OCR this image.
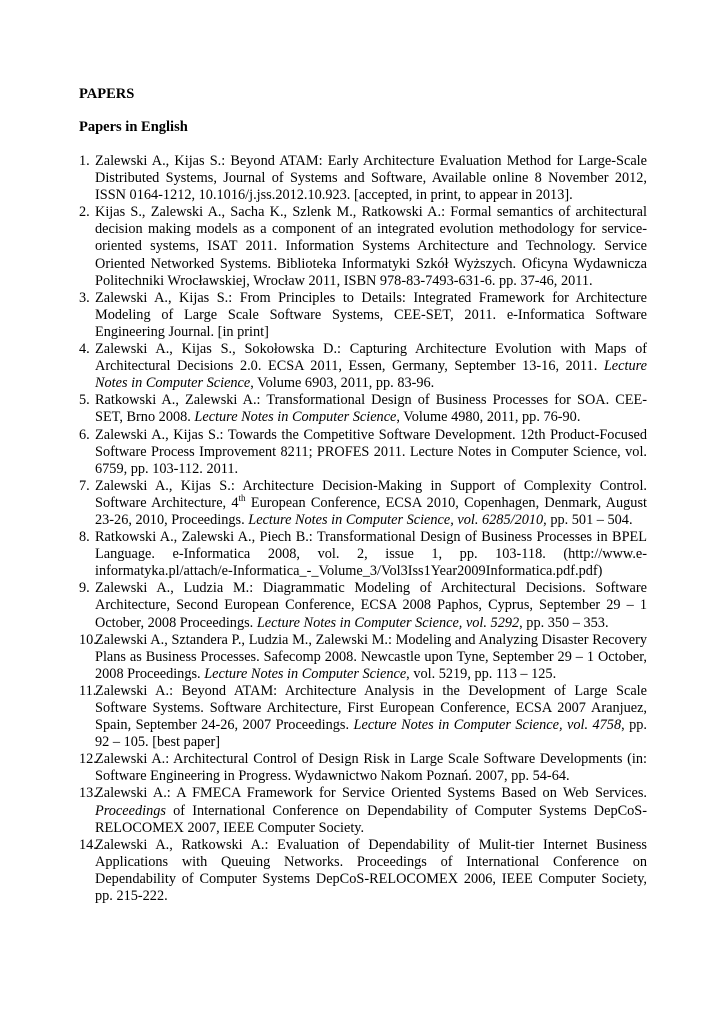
PAPERS
Papers in English
1. Zalewski A., Kijas S.: Beyond ATAM: Early Architecture Evaluation Method for Large-Scale Distributed Systems, Journal of Systems and Software, Available online 8 November 2012, ISSN 0164-1212, 10.1016/j.jss.2012.10.923. [accepted, in print, to appear in 2013].
2. Kijas S., Zalewski A., Sacha K., Szlenk M., Ratkowski A.: Formal semantics of architectural decision making models as a component of an integrated evolution methodology for service-oriented systems, ISAT 2011. Information Systems Architecture and Technology. Service Oriented Networked Systems. Biblioteka Informatyki Szkół Wyższych. Oficyna Wydawnicza Politechniki Wrocławskiej, Wrocław 2011, ISBN 978-83-7493-631-6. pp. 37-46, 2011.
3. Zalewski A., Kijas S.: From Principles to Details: Integrated Framework for Architecture Modeling of Large Scale Software Systems, CEE-SET, 2011. e-Informatica Software Engineering Journal. [in print]
4. Zalewski A., Kijas S., Sokołowska D.: Capturing Architecture Evolution with Maps of Architectural Decisions 2.0. ECSA 2011, Essen, Germany, September 13-16, 2011. Lecture Notes in Computer Science, Volume 6903, 2011, pp. 83-96.
5. Ratkowski A., Zalewski A.: Transformational Design of Business Processes for SOA. CEE-SET, Brno 2008. Lecture Notes in Computer Science, Volume 4980, 2011, pp. 76-90.
6. Zalewski A., Kijas S.: Towards the Competitive Software Development. 12th Product-Focused Software Process Improvement 8211; PROFES 2011. Lecture Notes in Computer Science, vol. 6759, pp. 103-112. 2011.
7. Zalewski A., Kijas S.: Architecture Decision-Making in Support of Complexity Control. Software Architecture, 4th European Conference, ECSA 2010, Copenhagen, Denmark, August 23-26, 2010, Proceedings. Lecture Notes in Computer Science, vol. 6285/2010, pp. 501 – 504.
8. Ratkowski A., Zalewski A., Piech B.: Transformational Design of Business Processes in BPEL Language. e-Informatica 2008, vol. 2, issue 1, pp. 103-118. (http://www.e-informatyka.pl/attach/e-Informatica_-_Volume_3/Vol3Iss1Year2009Informatica.pdf.pdf)
9. Zalewski A., Ludzia M.: Diagrammatic Modeling of Architectural Decisions. Software Architecture, Second European Conference, ECSA 2008 Paphos, Cyprus, September 29 – 1 October, 2008 Proceedings. Lecture Notes in Computer Science, vol. 5292, pp. 350 – 353.
10.
Zalewski A., Sztandera P., Ludzia M., Zalewski M.: Modeling and Analyzing Disaster Recovery Plans as Business Processes. Safecomp 2008. Newcastle upon Tyne, September 29 – 1 October, 2008 Proceedings. Lecture Notes in Computer Science, vol. 5219, pp. 113 – 125.
11.
Zalewski A.: Beyond ATAM: Architecture Analysis in the Development of Large Scale Software Systems. Software Architecture, First European Conference, ECSA 2007 Aranjuez, Spain, September 24-26, 2007 Proceedings. Lecture Notes in Computer Science, vol. 4758, pp. 92 – 105. [best paper]
12.
Zalewski A.: Architectural Control of Design Risk in Large Scale Software Developments (in: Software Engineering in Progress. Wydawnictwo Nakom Poznań. 2007, pp. 54-64.
13.
Zalewski A.: A FMECA Framework for Service Oriented Systems Based on Web Services. Proceedings of International Conference on Dependability of Computer Systems DepCoS-RELOCOMEX 2007, IEEE Computer Society.
14.
Zalewski A., Ratkowski A.: Evaluation of Dependability of Mulit-tier Internet Business Applications with Queuing Networks. Proceedings of International Conference on Dependability of Computer Systems DepCoS-RELOCOMEX 2006, IEEE Computer Society, pp. 215-222.
